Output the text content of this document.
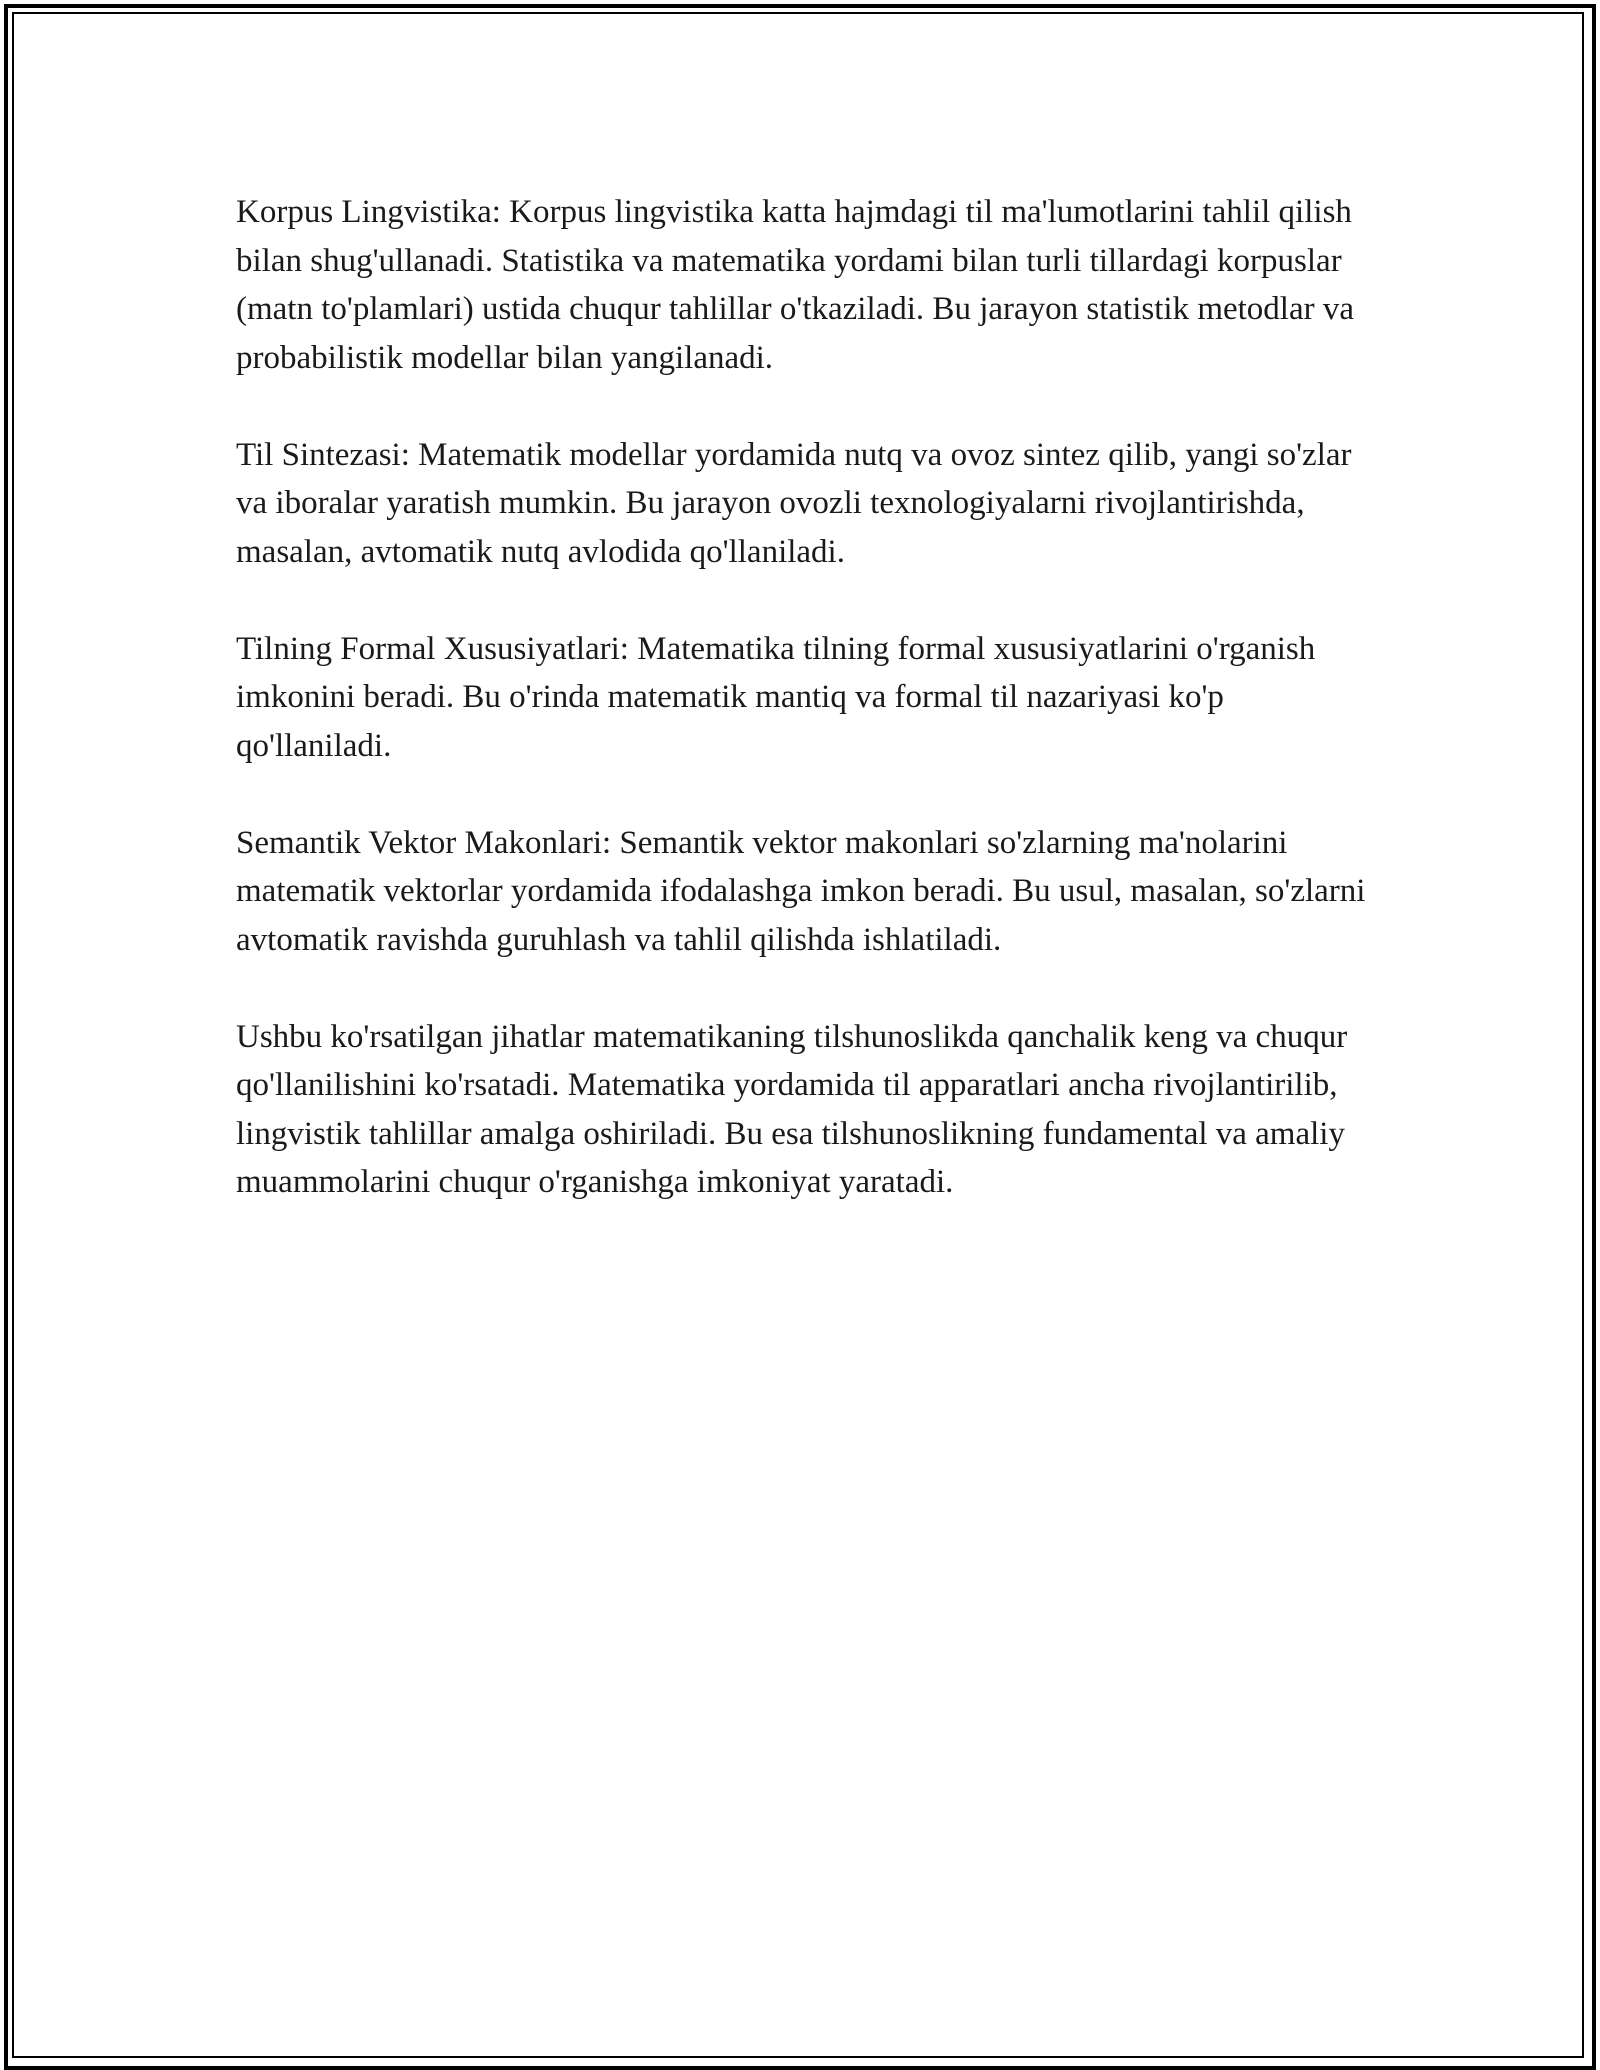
Korpus Lingvistika: Korpus lingvistika katta hajmdagi til ma'lumotlarini tahlil qilish bilan shug'ullanadi. Statistika va matematika yordami bilan turli tillardagi korpuslar (matn to'plamlari) ustida chuqur tahlillar o'tkaziladi. Bu jarayon statistik metodlar va probabilistik modellar bilan yangilanadi.

Til Sintezasi: Matematik modellar yordamida nutq va ovoz sintez qilib, yangi so'zlar va iboralar yaratish mumkin. Bu jarayon ovozli texnologiyalarni rivojlantirishda, masalan, avtomatik nutq avlodida qo'llaniladi.

Tilning Formal Xususiyatlari: Matematika tilning formal xususiyatlarini o'rganish imkonini beradi. Bu o'rinda matematik mantiq va formal til nazariyasi ko'p qo'llaniladi.

Semantik Vektor Makonlari: Semantik vektor makonlari so'zlarning ma'nolarini matematik vektorlar yordamida ifodalashga imkon beradi. Bu usul, masalan, so'zlarni avtomatik ravishda guruhlash va tahlil qilishda ishlatiladi.

Ushbu ko'rsatilgan jihatlar matematikaning tilshunoslikda qanchalik keng va chuqur qo'llanilishini ko'rsatadi. Matematika yordamida til apparatlari ancha rivojlantirilib, lingvistik tahlillar amalga oshiriladi. Bu esa tilshunoslikning fundamental va amaliy muammolarini chuqur o'rganishga imkoniyat yaratadi.
